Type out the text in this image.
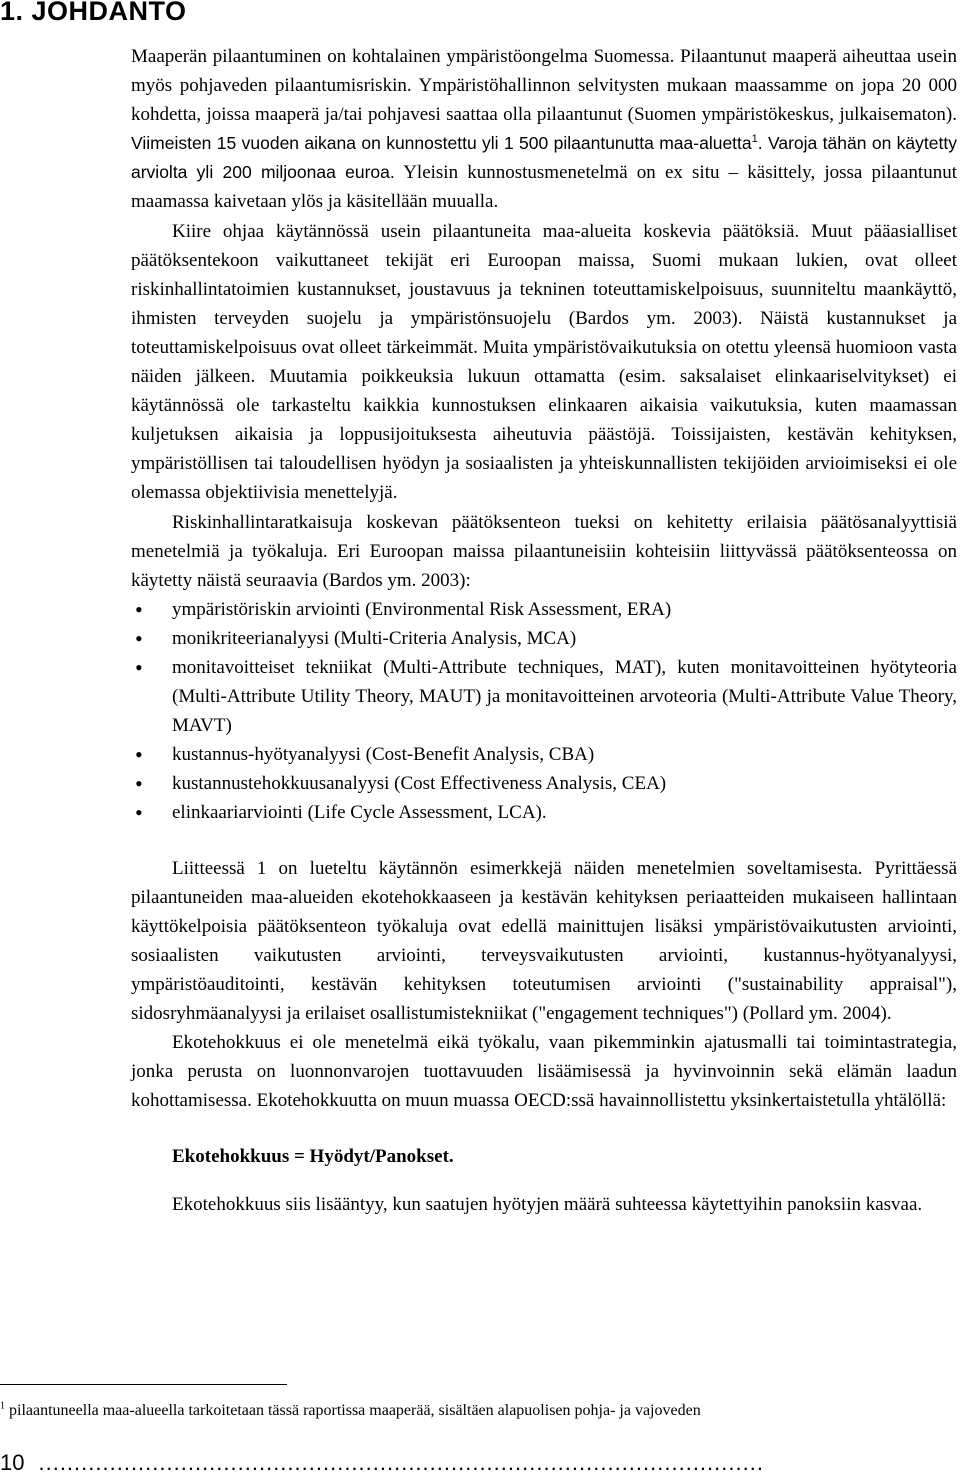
1. JOHDANTO

Maaperän pilaantuminen on kohtalainen ympäristöongelma Suomessa. Pilaantunut maaperä aiheuttaa usein myös pohjaveden pilaantumisriskin. Ympäristöhallinnon selvitysten mukaan maassamme on jopa 20 000 kohdetta, joissa maaperä ja/tai pohjavesi saattaa olla pilaantunut (Suomen ympäristökeskus, julkaisematon). Viimeisten 15 vuoden aikana on kunnostettu yli 1 500 pilaantunutta maa-aluetta$^1$. Varoja tähän on käytetty arviolta yli 200 miljoonaa euroa. Yleisin kunnostusmenetelmä on ex situ – käsittely, jossa pilaantunut maamassa kaivetaan ylös ja käsitellään muualla.

Kiire ohjaa käytännössä usein pilaantuneita maa-alueita koskevia päätöksiä. Muut pääasialliset päätöksentekoon vaikuttaneet tekijät eri Euroopan maissa, Suomi mukaan lukien, ovat olleet riskinhallintatoimien kustannukset, joustavuus ja tekninen toteuttamiskelpoisuus, suunniteltu maankäyttö, ihmisten terveyden suojelu ja ympäristönsuojelu (Bardos ym. 2003). Näistä kustannukset ja toteuttamiskelpoisuus ovat olleet tärkeimmät. Muita ympäristövaikutuksia on otettu yleensä huomioon vasta näiden jälkeen. Muutamia poikkeuksia lukuun ottamatta (esim. saksalaiset elinkaariselvitykset) ei käytännössä ole tarkasteltu kaikkia kunnostuksen elinkaaren aikaisia vaikutuksia, kuten maamassan kuljetuksen aikaisia ja loppusijoituksesta aiheutuvia päästöjä. Toissijaisten, kestävän kehityksen, ympäristöllisen tai taloudellisen hyödyn ja sosiaalisten ja yhteiskunnallisten tekijöiden arvioimiseksi ei ole olemassa objektiivisia menettelyjä.

Riskinhallintaratkaisuja koskevan päätöksenteon tueksi on kehitetty erilaisia päätösanalyyttisiä menetelmiä ja työkaluja. Eri Euroopan maissa pilaantuneisiin kohteisiin liittyvässä päätöksenteossa on käytetty näistä seuraavia (Bardos ym. 2003):

• ympäristöriskin arviointi (Environmental Risk Assessment, ERA)
• monikriteerianalyysi (Multi-Criteria Analysis, MCA)
• monitavoitteiset tekniikat (Multi-Attribute techniques, MAT), kuten monitavoitteinen hyötyteoria (Multi-Attribute Utility Theory, MAUT) ja monitavoitteinen arvoteoria (Multi-Attribute Value Theory, MAVT)
• kustannus-hyötyanalyysi (Cost-Benefit Analysis, CBA)
• kustannustehokkuusanalyysi (Cost Effectiveness Analysis, CEA)
• elinkaariarviointi (Life Cycle Assessment, LCA).

Liitteessä 1 on lueteltu käytännön esimerkkejä näiden menetelmien soveltamisesta. Pyrittäessä pilaantuneiden maa-alueiden ekotehokkaaseen ja kestävän kehityksen periaatteiden mukaiseen hallintaan käyttökelpoisia päätöksenteon työkaluja ovat edellä mainittujen lisäksi ympäristövaikutusten arviointi, sosiaalisten vaikutusten arviointi, terveysvaikutusten arviointi, kustannus-hyötyanalyysi, ympäristöauditointi, kestävän kehityksen toteutumisen arviointi ("sustainability appraisal"), sidosryhmäanalyysi ja erilaiset osallistumistekniikat ("engagement techniques") (Pollard ym. 2004).

Ekotehokkuus ei ole menetelmä eikä työkalu, vaan pikemminkin ajatusmalli tai toimintastrategia, jonka perusta on luonnonvarojen tuottavuuden lisäämisessä ja hyvinvoinnin sekä elämän laadun kohottamisessa. Ekotehokkuutta on muun muassa OECD:ssä havainnollistettu yksinkertaistetulla yhtälöllä:

Ekotehokkuus = Hyödyt/Panokset.

Ekotehokkuus siis lisääntyy, kun saatujen hyötyjen määrä suhteessa käytettyihin panoksiin kasvaa.

$^1$ pilaantuneella maa-alueella tarkoitetaan tässä raportissa maaperää, sisältäen alapuolisen pohja- ja vajoveden
10 ......................................................................................................
